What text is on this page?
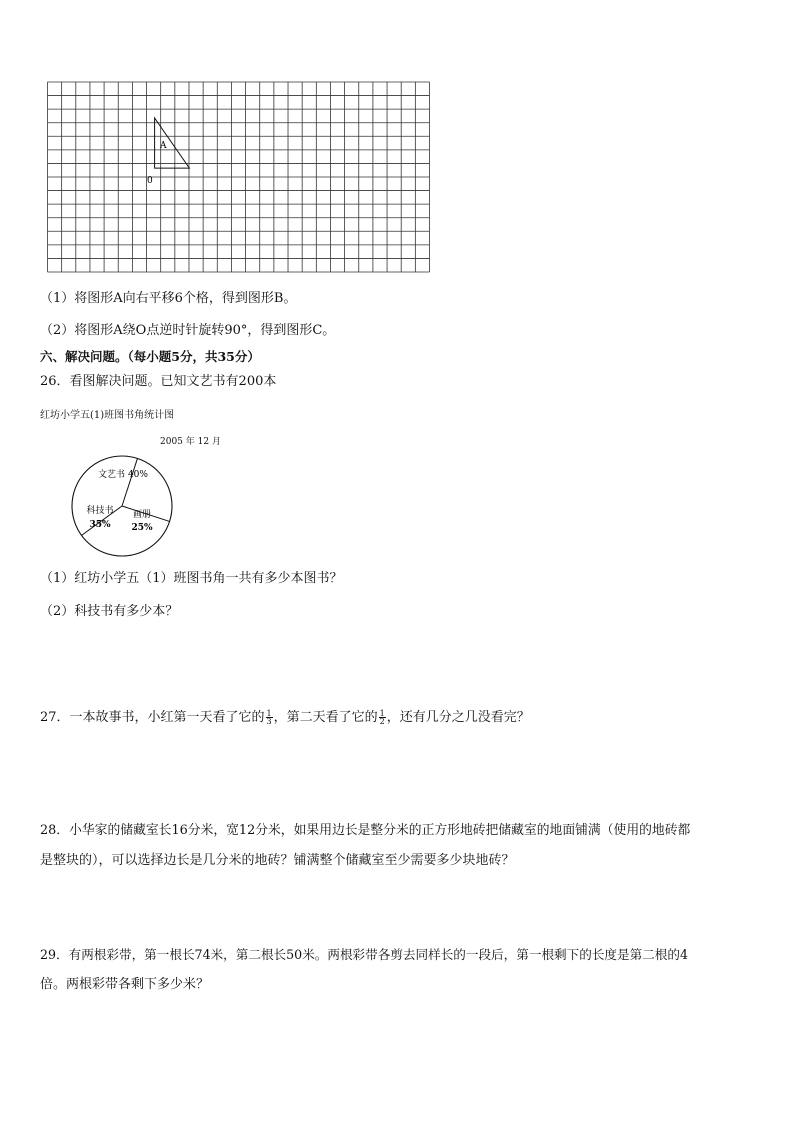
A
0
（1）将图形A向右平移6个格，得到图形B。
（2）将图形A绕O点逆时针旋转90°，得到图形C。
六、解决问题。（每小题5分，共35分）
26．看图解决问题。已知文艺书有200本
红坊小学五(1)班图书角统计图
2005 年 12 月
文艺书 40%
科技书
35%
画册
25%
（1）红坊小学五（1）班图书角一共有多少本图书？
（2）科技书有多少本？
27．一本故事书，小红第一天看了它的 $\frac{1}{3}$ ，第二天看了它的 $\frac{1}{2}$ ，还有几分之几没看完？
28．小华家的储藏室长16分米，宽12分米，如果用边长是整分米的正方形地砖把储藏室的地面铺满（使用的地砖都
是整块的），可以选择边长是几分米的地砖？铺满整个储藏室至少需要多少块地砖？
29．有两根彩带，第一根长74米，第二根长50米。两根彩带各剪去同样长的一段后，第一根剩下的长度是第二根的4
倍。两根彩带各剩下多少米？
